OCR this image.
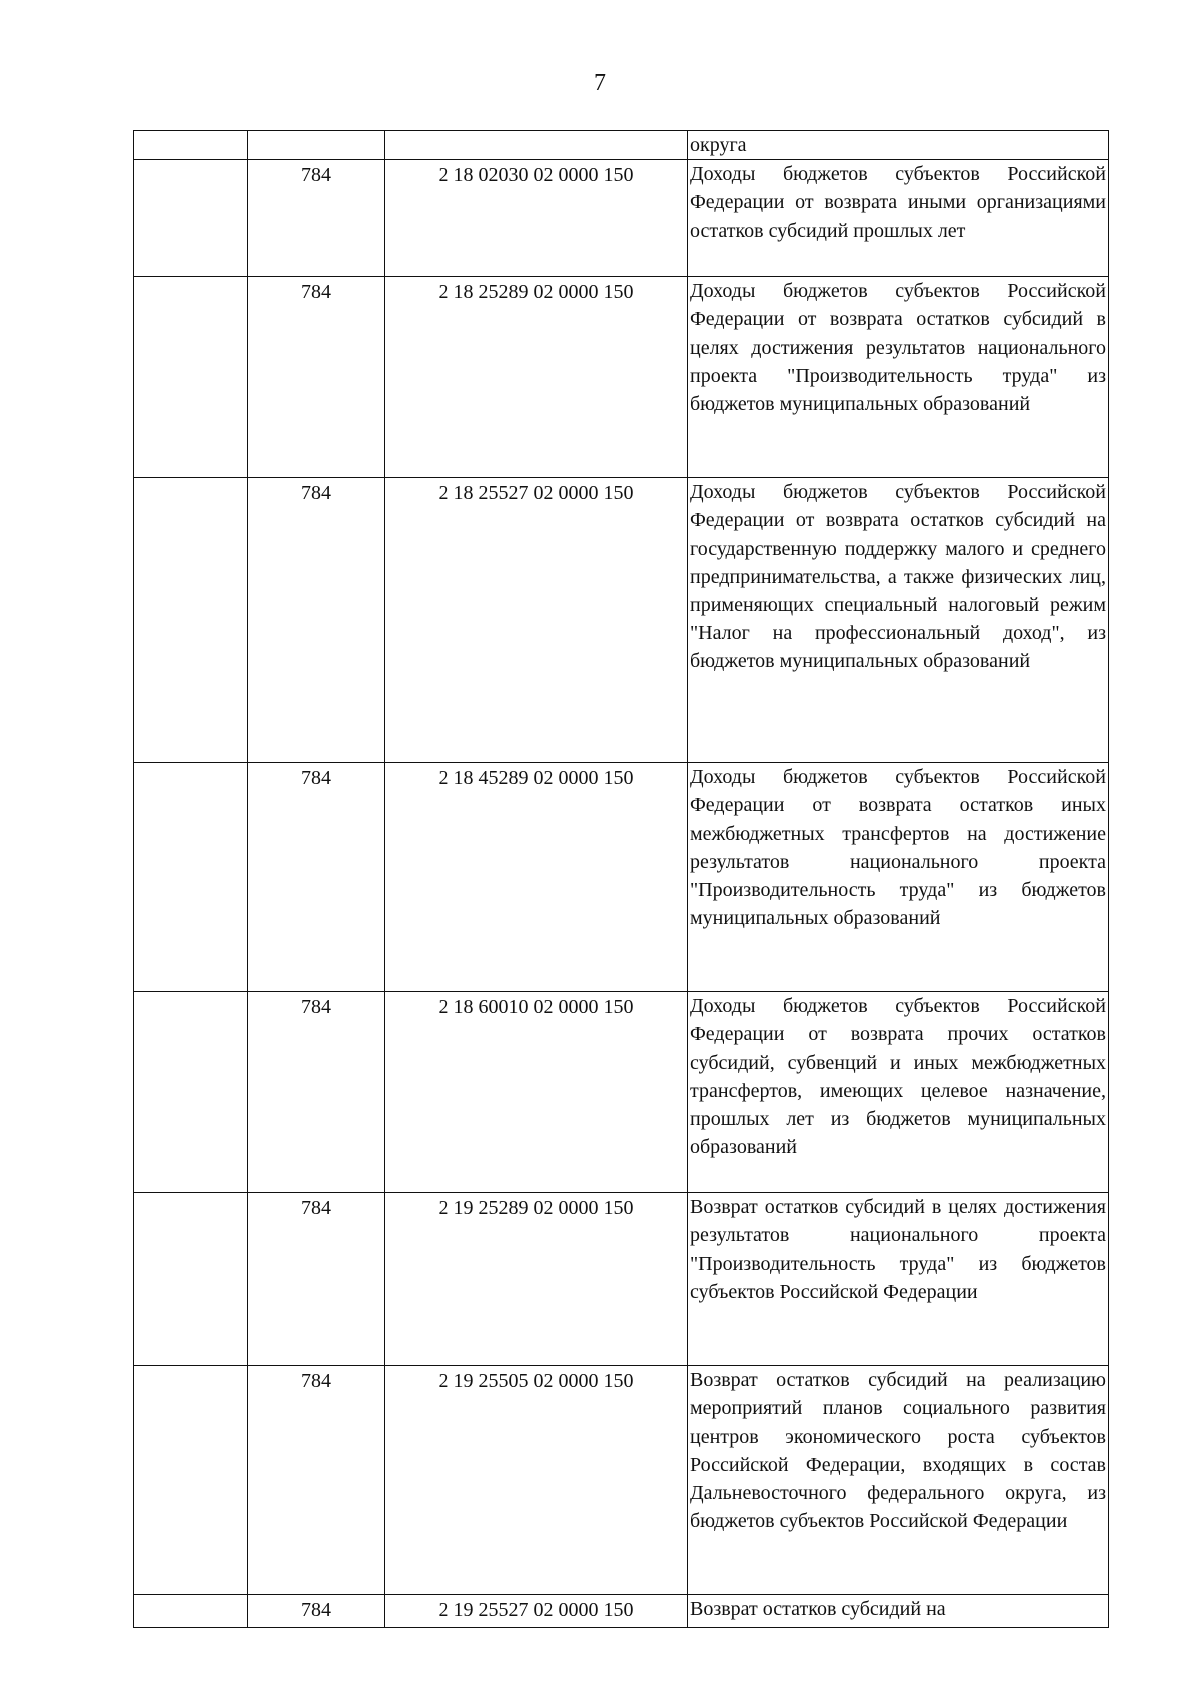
7
			округа
	784	2 18 02030 02 0000 150	Доходы бюджетов субъектов Российской Федерации от возврата иными организациями остатков субсидий прошлых лет
	784	2 18 25289 02 0000 150	Доходы бюджетов субъектов Российской Федерации от возврата остатков субсидий в целях достижения результатов национального проекта "Производительность труда" из бюджетов муниципальных образований
	784	2 18 25527 02 0000 150	Доходы бюджетов субъектов Российской Федерации от возврата остатков субсидий на государственную поддержку малого и среднего предпринимательства, а также физических лиц, применяющих специальный налоговый режим "Налог на профессиональный доход", из бюджетов муниципальных образований
	784	2 18 45289 02 0000 150	Доходы бюджетов субъектов Российской Федерации от возврата остатков иных межбюджетных трансфертов на достижение результатов национального проекта "Производительность труда" из бюджетов муниципальных образований
	784	2 18 60010 02 0000 150	Доходы бюджетов субъектов Российской Федерации от возврата прочих остатков субсидий, субвенций и иных межбюджетных трансфертов, имеющих целевое назначение, прошлых лет из бюджетов муниципальных образований
	784	2 19 25289 02 0000 150	Возврат остатков субсидий в целях достижения результатов национального проекта "Производительность труда" из бюджетов субъектов Российской Федерации
	784	2 19 25505 02 0000 150	Возврат остатков субсидий на реализацию мероприятий планов социального развития центров экономического роста субъектов Российской Федерации, входящих в состав Дальневосточного федерального округа, из бюджетов субъектов Российской Федерации
	784	2 19 25527 02 0000 150	Возврат остатков субсидий на
